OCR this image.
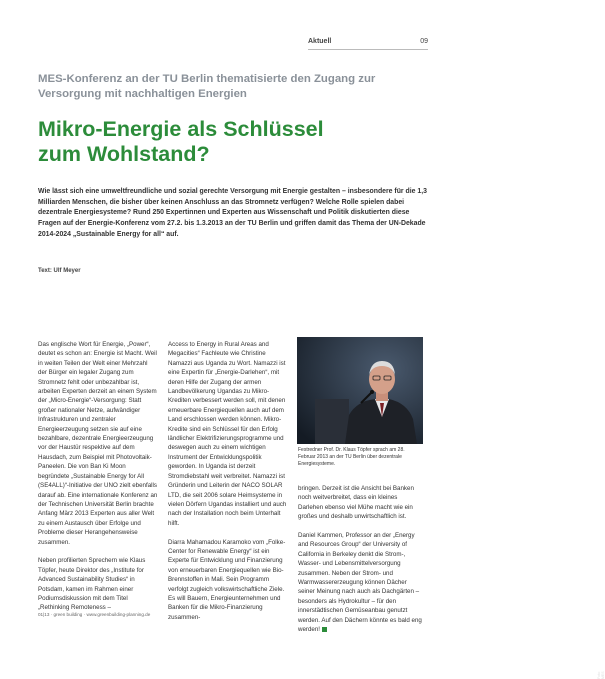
Aktuell	09
MES-Konferenz an der TU Berlin thematisierte den Zugang zur Versorgung mit nachhaltigen Energien
Mikro-Energie als Schlüssel
zum Wohlstand?
Wie lässt sich eine umweltfreundliche und sozial gerechte Versorgung mit Energie gestalten – insbesondere für die 1,3 Milliarden Menschen, die bisher über keinen Anschluss an das Stromnetz verfügen? Welche Rolle spielen dabei dezentrale Energiesysteme? Rund 250 Expertinnen und Experten aus Wissenschaft und Politik diskutierten diese Fragen auf der Energie-Konferenz vom 27.2. bis 1.3.2013 an der TU Berlin und griffen damit das Thema der UN-Dekade 2014-2024 „Sustainable Energy for all“ auf.
Text: Ulf Meyer
Foto: MES
Festredner Prof. Dr. Klaus Töpfer sprach am 28. Februar 2013 an der TU Berlin über dezentrale Energiesysteme.

Das englische Wort für Energie, „Power“, deutet es schon an: Energie ist Macht. Weil in weiten Teilen der Welt einer Mehrzahl der Bürger ein legaler Zugang zum Stromnetz fehlt oder unbezahlbar ist, arbeiten Experten derzeit an einem System der „Micro-Energie“-Versorgung: Statt großer nationaler Netze, aufwändiger Infrastrukturen und zentraler Energieerzeugung setzen sie auf eine bezahlbare, dezentrale Energieerzeugung vor der Haustür respektive auf dem Hausdach, zum Beispiel mit Photovoltaik-Paneelen. Die von Ban Ki Moon begründete „Sustainable Energy for All (SE4ALL)“-Initiative der UNO zielt ebenfalls darauf ab. Eine internationale Konferenz an der Technischen Universität Berlin brachte Anfang März 2013 Experten aus aller Welt zu einem Austausch über Erfolge und Probleme dieser Herangehensweise zusammen.

Neben profilierten Sprechern wie Klaus Töpfer, heute Direktor des „Institute for Advanced Sustainability Studies“ in Potsdam, kamen im Rahmen einer Podiumsdiskussion mit dem Titel „Rethinking Remoteness –

Access to Energy in Rural Areas and Megacities“ Fachleute wie Christine Namazzi aus Uganda zu Wort. Namazzi ist eine Expertin für „Energie-Darlehen“, mit deren Hilfe der Zugang der armen Landbevölkerung Ugandas zu Mikro-Krediten verbessert werden soll, mit denen erneuerbare Energiequellen auch auf dem Land erschlossen werden können. Mikro-Kredite sind ein Schlüssel für den Erfolg ländlicher Elektrifizierungsprogramme und deswegen auch zu einem wichtigen Instrument der Entwicklungspolitik geworden. In Uganda ist derzeit Stromdiebstahl weit verbreitet. Namazzi ist Gründerin und Leiterin der NACO SOLAR LTD, die seit 2006 solare Heimsysteme in vielen Dörfern Ugandas installiert und auch nach der Installation noch beim Unterhalt hilft.

Diarra Mahamadou Karamoko vom „Folke-Center for Renewable Energy“ ist ein Experte für Entwicklung und Finanzierung von erneuerbaren Energiequellen wie Bio-Brennstoffen in Mali. Sein Programm verfolgt zugleich volkswirtschaftliche Ziele. Es will Bauern, Energieunternehmen und Banken für die Mikro-Finanzierung zusammen-

bringen. Derzeit ist die Ansicht bei Banken noch weitverbreitet, dass ein kleines Darlehen ebenso viel Mühe macht wie ein großes und deshalb unwirtschaftlich ist.

Daniel Kammen, Professor an der „Energy and Resources Group“ der University of California in Berkeley denkt die Strom-, Wasser- und Lebensmittelversorgung zusammen. Neben der Strom- und Warmwassererzeugung können Dächer seiner Meinung nach auch als Dachgärten – besonders als Hydrokultur – für den innerstädtischen Gemüseanbau genutzt werden. Auf den Dächern könnte es bald eng werden!

01|13 · green building · www.greenbuilding-planning.de
